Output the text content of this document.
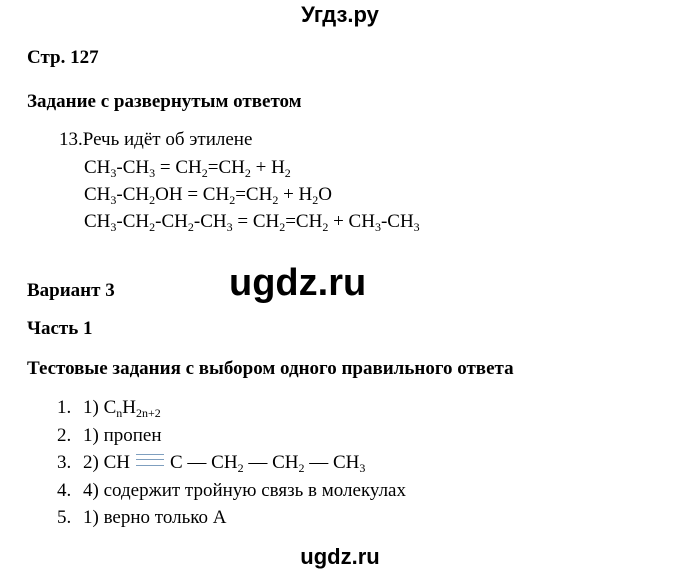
Угдз.ру
Стр. 127
Задание с развернутым ответом
13.Речь идёт об этилене
$CH_3-CH_3 = CH_2=CH_2 + H_2$
$CH_3-CH_2OH = CH_2=CH_2 + H_2O$
$CH_3-CH_2-CH_2-CH_3 = CH_2=CH_2 + CH_3-CH_3$
Вариант 3	ugdz.ru
Часть 1
Тестовые задания с выбором одного правильного ответа
1. 1) $C_nH_{2n+2}$
2. 1) пропен
3. 2) CH C — $CH_2$ — $CH_2$ — $CH_3$
4. 4) содержит тройную связь в молекулах
5. 1) верно только А
ugdz.ru
